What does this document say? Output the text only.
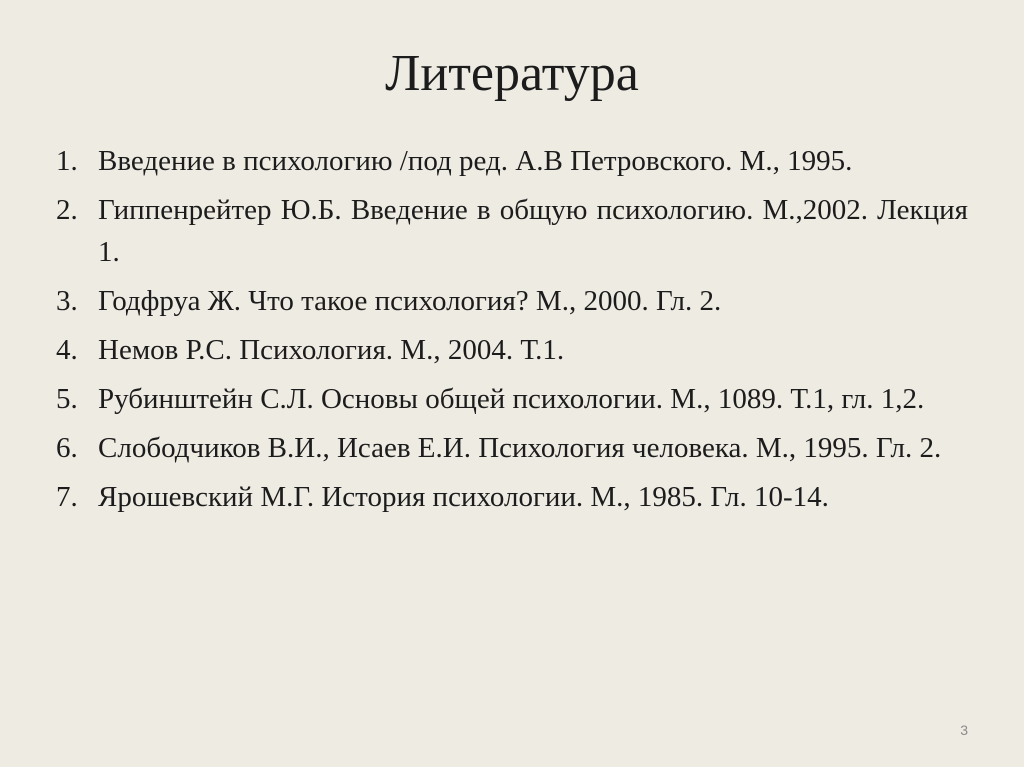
Литература
1. Введение в психологию /под ред. А.В Петровского. М., 1995.
2. Гиппенрейтер Ю.Б. Введение в общую психологию. М.,2002. Лекция 1.
3. Годфруа Ж. Что такое психология? М., 2000. Гл. 2.
4. Немов Р.С. Психология. М., 2004. Т.1.
5. Рубинштейн С.Л. Основы общей психологии. М., 1089. Т.1, гл. 1,2.
6. Слободчиков В.И., Исаев Е.И. Психология человека. М., 1995. Гл. 2.
7. Ярошевский М.Г. История психологии. М., 1985. Гл. 10-14.
3
